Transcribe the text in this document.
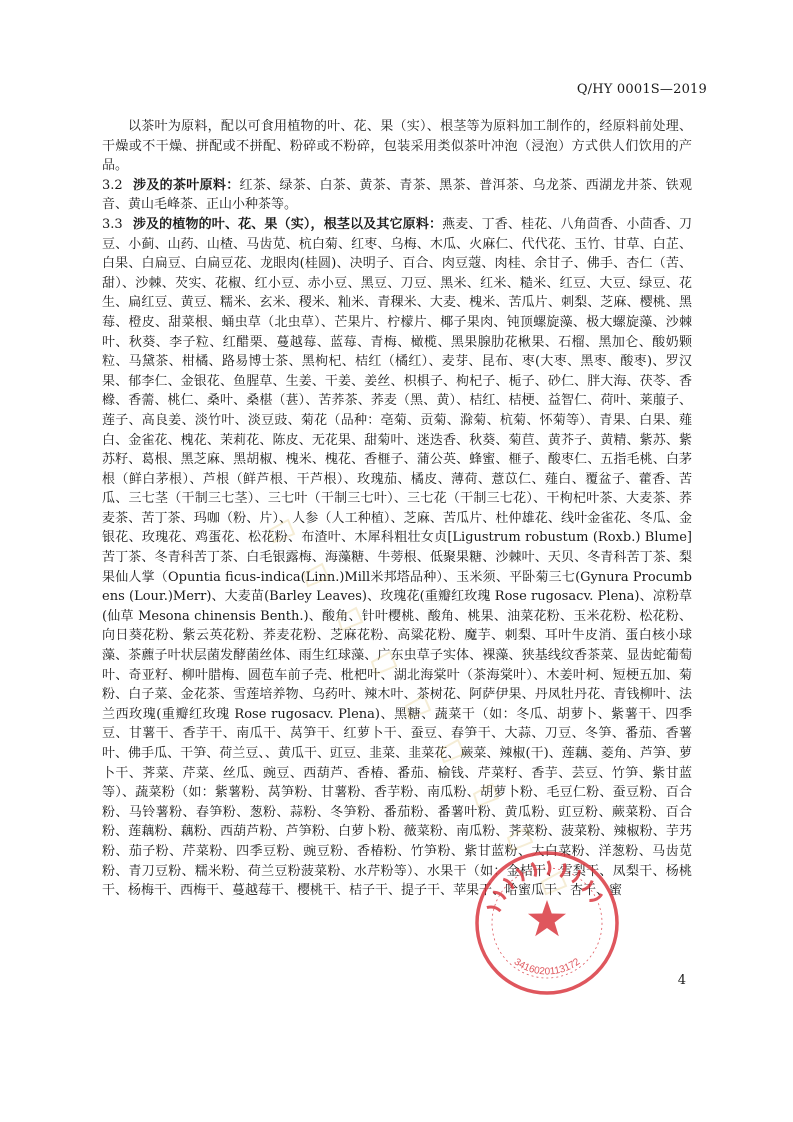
Q/HY 0001S—2019

以茶叶为原料，配以可食用植物的叶、花、果（实）、根茎等为原料加工制作的，经原料前处理、干燥或不干燥、拼配或不拼配、粉碎或不粉碎，包装采用类似茶叶冲泡（浸泡）方式供人们饮用的产品。

3.2 涉及的茶叶原料：红茶、绿茶、白茶、黄茶、青茶、黑茶、普洱茶、乌龙茶、西湖龙井茶、铁观音、黄山毛峰茶、正山小种茶等。

3.3 涉及的植物的叶、花、果（实），根茎以及其它原料：燕麦、丁香、桂花、八角茴香、小茴香、刀豆、小蓟、山药、山楂、马齿苋、杭白菊、红枣、乌梅、木瓜、火麻仁、代代花、玉竹、甘草、白芷、白果、白扁豆、白扁豆花、龙眼肉(桂圆)、决明子、百合、肉豆蔻、肉桂、余甘子、佛手、杏仁（苦、甜）、沙棘、芡实、花椒、红小豆、赤小豆、黑豆、刀豆、黑米、红米、糙米、红豆、大豆、绿豆、花生、扁红豆、黄豆、糯米、玄米、稷米、籼米、青稞米、大麦、槐米、苦瓜片、刺梨、芝麻、樱桃、黑莓、橙皮、甜菜根、蛹虫草（北虫草）、芒果片、柠檬片、椰子果肉、钝顶螺旋藻、极大螺旋藻、沙棘叶、秋葵、李子粒、红醋栗、蔓越莓、蓝莓、青梅、橄榄、黑果腺肋花楸果、石榴、黑加仑、酸奶颗粒、马黛茶、柑橘、路易博士茶、黑枸杞、桔红（橘红）、麦芽、昆布、枣(大枣、黑枣、酸枣)、罗汉果、郁李仁、金银花、鱼腥草、生姜、干姜、姜丝、枳椇子、枸杞子、栀子、砂仁、胖大海、茯苓、香橼、香薷、桃仁、桑叶、桑椹（葚）、苦荞茶、荞麦（黑、黄）、桔红、桔梗、益智仁、荷叶、莱菔子、莲子、高良姜、淡竹叶、淡豆豉、菊花（品种：亳菊、贡菊、滁菊、杭菊、怀菊等）、青果、白果、薤白、金雀花、槐花、茉莉花、陈皮、无花果、甜菊叶、迷迭香、秋葵、菊苣、黄芥子、黄精、紫苏、紫苏籽、葛根、黑芝麻、黑胡椒、槐米、槐花、香榧子、蒲公英、蜂蜜、榧子、酸枣仁、五指毛桃、白茅根（鲜白茅根）、芦根（鲜芦根、干芦根）、玫瑰茄、橘皮、薄荷、薏苡仁、薤白、覆盆子、藿香、苦瓜、三七茎（干制三七茎）、三七叶（干制三七叶）、三七花（干制三七花）、干枸杞叶茶、大麦茶、荞麦茶、苦丁茶、玛咖（粉、片）、人参（人工种植）、芝麻、苦瓜片、杜仲雄花、线叶金雀花、冬瓜、金银花、玫瑰花、鸡蛋花、松花粉、布渣叶、木犀科粗壮女贞[Ligustrum robustum (Roxb.) Blume]苦丁茶、冬青科苦丁茶、白毛银露梅、海藻糖、牛蒡根、低聚果糖、沙棘叶、天贝、冬青科苦丁茶、梨果仙人掌（Opuntia ficus-indica(Linn.)Mill米邦塔品种）、玉米须、平卧菊三七(Gynura Procumbens (Lour.)Merr)、大麦苗(Barley Leaves)、玫瑰花(重瓣红玫瑰 Rose rugosacv. Plena)、凉粉草(仙草 Mesona chinensis Benth.)、酸角、针叶樱桃、酸角、桃果、油菜花粉、玉米花粉、松花粉、向日葵花粉、紫云英花粉、荞麦花粉、芝麻花粉、高粱花粉、魔芋、刺梨、耳叶牛皮消、蛋白核小球藻、茶藨子叶状层菌发酵菌丝体、雨生红球藻、广东虫草子实体、裸藻、狭基线纹香茶菜、显齿蛇葡萄叶、奇亚籽、柳叶腊梅、圆苞车前子壳、枇杷叶、湖北海棠叶（茶海棠叶）、木姜叶柯、短梗五加、菊粉、白子菜、金花茶、雪莲培养物、乌药叶、辣木叶、茶树花、阿萨伊果、丹凤牡丹花、青钱柳叶、法兰西玫瑰(重瓣红玫瑰 Rose rugosacv. Plena)、黑糖、蔬菜干（如：冬瓜、胡萝卜、紫薯干、四季豆、甘薯干、香芋干、南瓜干、莴笋干、红萝卜干、蚕豆、春笋干、大蒜、刀豆、冬笋、番茄、香薯叶、佛手瓜、干笋、荷兰豆、、黄瓜干、豇豆、韭菜、韭菜花、蕨菜、辣椒(干)、莲藕、菱角、芦笋、萝卜干、荠菜、芹菜、丝瓜、豌豆、西葫芦、香椿、番茄、榆钱、芹菜籽、香芋、芸豆、竹笋、紫甘蓝等）、蔬菜粉（如：紫薯粉、莴笋粉、甘薯粉、香芋粉、南瓜粉、胡萝卜粉、毛豆仁粉、蚕豆粉、百合粉、马铃薯粉、春笋粉、葱粉、蒜粉、冬笋粉、番茄粉、番薯叶粉、黄瓜粉、豇豆粉、蕨菜粉、百合粉、莲藕粉、藕粉、西葫芦粉、芦笋粉、白萝卜粉、薇菜粉、南瓜粉、荠菜粉、菠菜粉、辣椒粉、芋艿粉、茄子粉、芹菜粉、四季豆粉、豌豆粉、香椿粉、竹笋粉、紫甘蓝粉、大白菜粉、洋葱粉、马齿苋粉、青刀豆粉、糯米粉、荷兰豆粉菠菜粉、水芹粉等）、水果干（如：金桔干、雪梨干、凤梨干、杨桃干、杨梅干、西梅干、蔓越莓干、樱桃干、桔子干、提子干、苹果干、哈蜜瓜干、杏干、蜜

3416020113172
4
